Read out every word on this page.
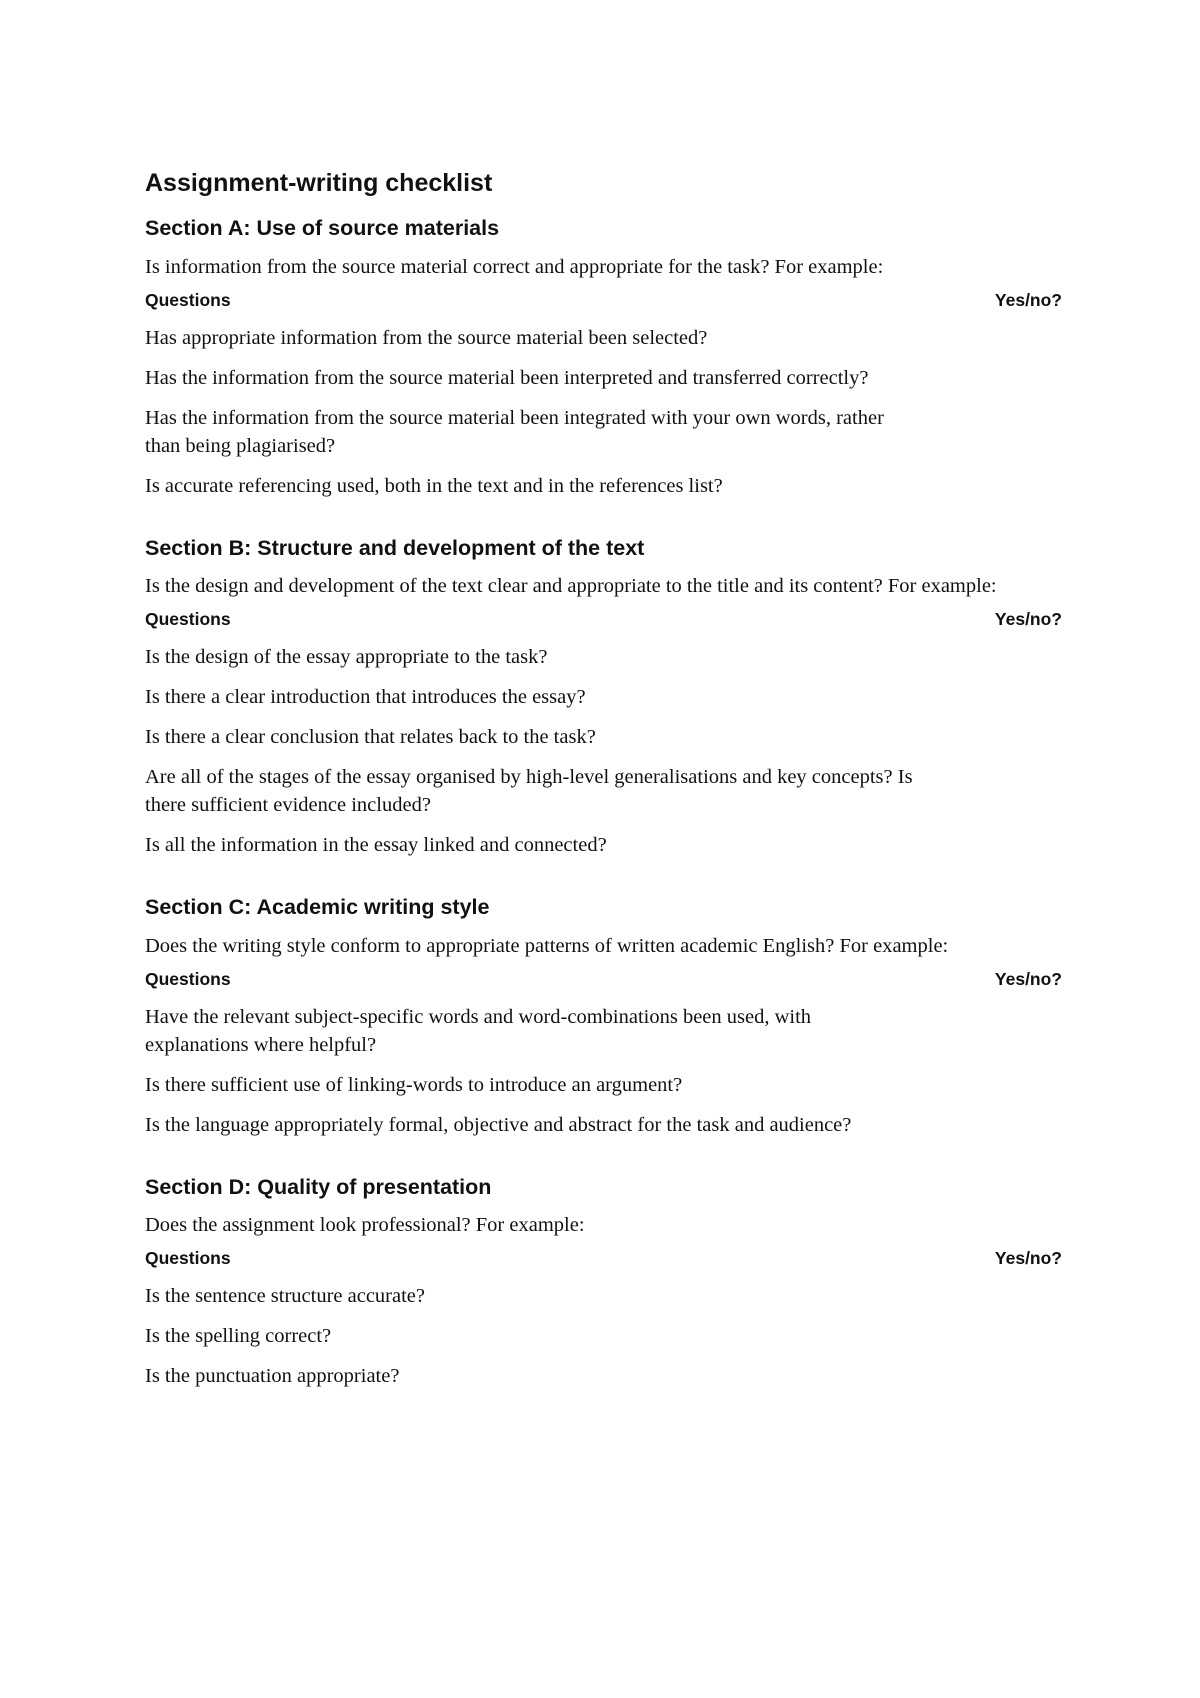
Assignment-writing checklist
Section A: Use of source materials

Is information from the source material correct and appropriate for the task? For example:

Questions	Yes/no?
Has appropriate information from the source material been selected?
Has the information from the source material been interpreted and transferred correctly?
Has the information from the source material been integrated with your own words, rather than being plagiarised?
Is accurate referencing used, both in the text and in the references list?
Section B: Structure and development of the text

Is the design and development of the text clear and appropriate to the title and its content? For example:

Questions	Yes/no?
Is the design of the essay appropriate to the task?
Is there a clear introduction that introduces the essay?
Is there a clear conclusion that relates back to the task?
Are all of the stages of the essay organised by high-level generalisations and key concepts? Is there sufficient evidence included?
Is all the information in the essay linked and connected?
Section C: Academic writing style

Does the writing style conform to appropriate patterns of written academic English? For example:

Questions	Yes/no?
Have the relevant subject-specific words and word-combinations been used, with explanations where helpful?
Is there sufficient use of linking-words to introduce an argument?
Is the language appropriately formal, objective and abstract for the task and audience?
Section D: Quality of presentation

Does the assignment look professional? For example:

Questions	Yes/no?
Is the sentence structure accurate?
Is the spelling correct?
Is the punctuation appropriate?
